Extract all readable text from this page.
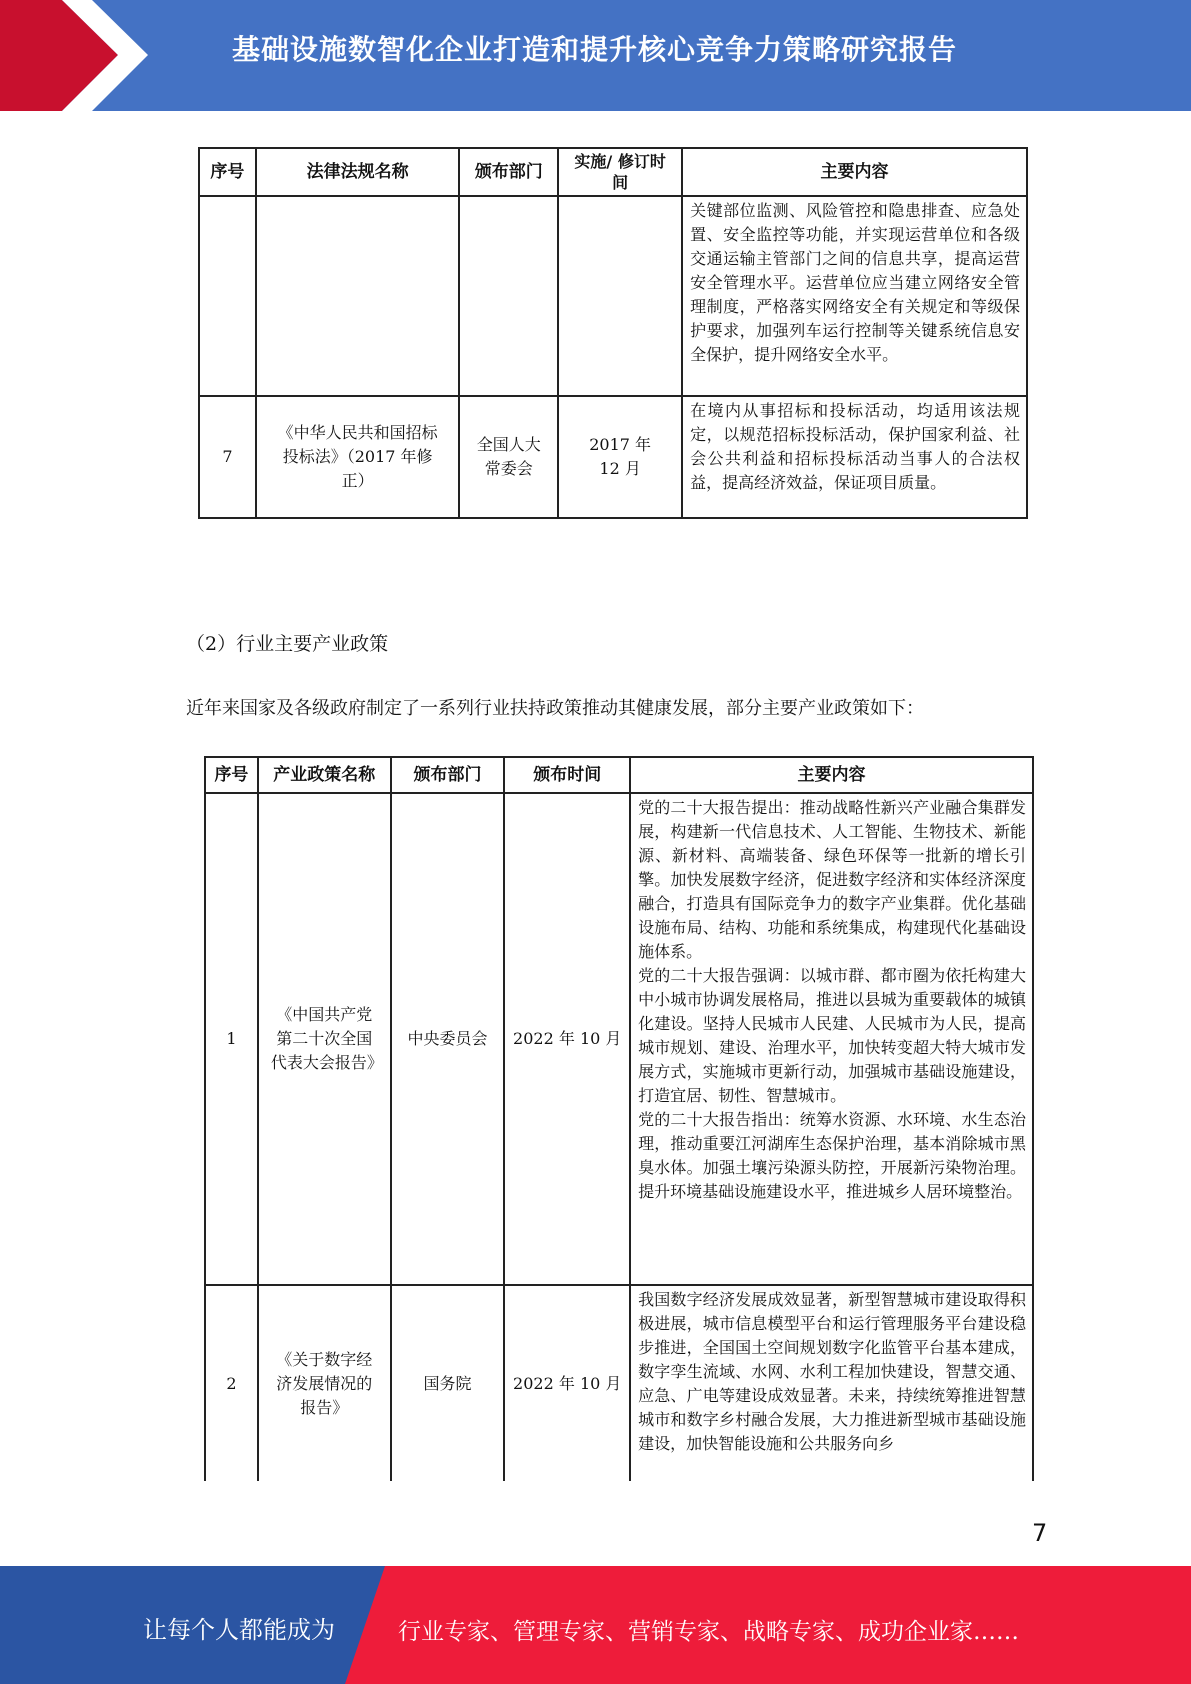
基础设施数智化企业打造和提升核心竞争力策略研究报告
序号	法律法规名称	颁布部门	实施/ 修订时间	主要内容
				关键部位监测、风险管控和隐患排查、应急处置、安全监控等功能，并实现运营单位和各级交通运输主管部门之间的信息共享，提高运营安全管理水平。运营单位应当建立网络安全管理制度，严格落实网络安全有关规定和等级保护要求，加强列车运行控制等关键系统信息安全保护，提升网络安全水平。
7	《中华人民共和国招标投标法》（2017 年修正）	全国人大常委会	2017 年 12 月	在境内从事招标和投标活动，均适用该法规定，以规范招标投标活动，保护国家利益、社会公共利益和招标投标活动当事人的合法权益，提高经济效益，保证项目质量。
（2）行业主要产业政策
近年来国家及各级政府制定了一系列行业扶持政策推动其健康发展，部分主要产业政策如下：
序号	产业政策名称	颁布部门	颁布时间	主要内容
1	《中国共产党第二十次全国代表大会报告》	中央委员会	2022 年 10 月	党的二十大报告提出：推动战略性新兴产业融合集群发展，构建新一代信息技术、人工智能、生物技术、新能源、新材料、高端装备、绿色环保等一批新的增长引擎。加快发展数字经济，促进数字经济和实体经济深度融合，打造具有国际竞争力的数字产业集群。优化基础设施布局、结构、功能和系统集成，构建现代化基础设施体系。

党的二十大报告强调：以城市群、都市圈为依托构建大中小城市协调发展格局，推进以县城为重要载体的城镇化建设。坚持人民城市人民建、人民城市为人民，提高城市规划、建设、治理水平，加快转变超大特大城市发展方式，实施城市更新行动，加强城市基础设施建设，打造宜居、韧性、智慧城市。

党的二十大报告指出：统筹水资源、水环境、水生态治理，推动重要江河湖库生态保护治理，基本消除城市黑臭水体。加强土壤污染源头防控，开展新污染物治理。提升环境基础设施建设水平，推进城乡人居环境整治。

2	《关于数字经济发展情况的报告》	国务院	2022 年 10 月	我国数字经济发展成效显著，新型智慧城市建设取得积极进展，城市信息模型平台和运行管理服务平台建设稳步推进，全国国土空间规划数字化监管平台基本建成，数字孪生流域、水网、水利工程加快建设，智慧交通、应急、广电等建设成效显著。未来，持续统筹推进智慧城市和数字乡村融合发展，大力推进新型城市基础设施建设，加快智能设施和公共服务向乡

7
让每个人都能成为	行业专家、管理专家、营销专家、战略专家、成功企业家……
